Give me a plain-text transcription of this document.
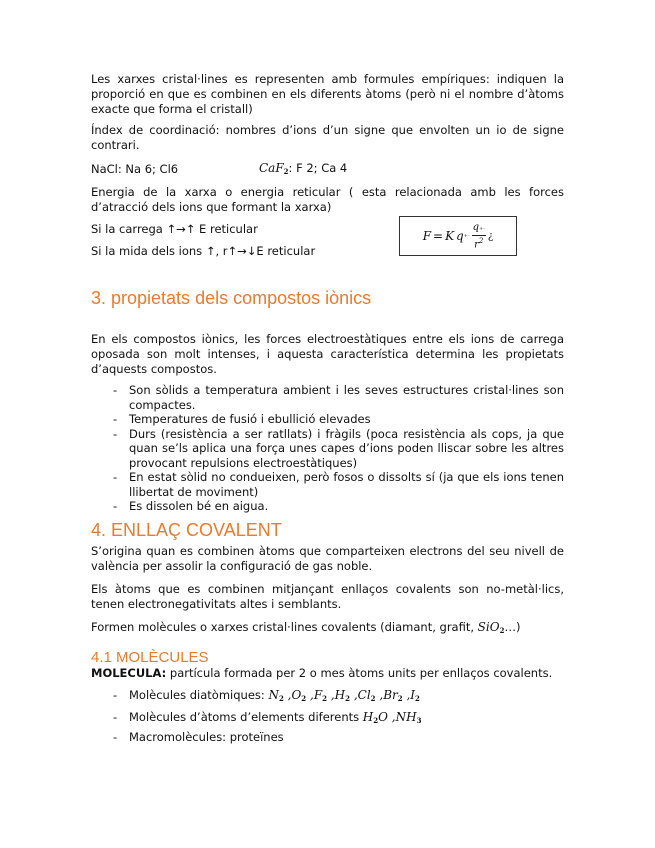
Les xarxes cristal·lines es representen amb formules empíriques: indiquen la proporció en que es combinen en els diferents àtoms (però ni el nombre d’àtoms exacte que forma el cristall)

Índex de coordinació: nombres d’ions d’un signe que envolten un io de signe contrari.

NaCl: Na 6; Cl6	CaF$_2$: F 2; Ca 4

Energia de la xarxa o energia reticular ( esta relacionada amb les forces d’atracció dels ions que formant la xarxa)

Si la carrega ↑→↑ E reticular

Si la mida dels ions ↑, r↑→↓E reticular

F = K $q +- \frac{q+-}{r^2}$ ¿
3. propietats dels compostos iònics

En els compostos iònics, les forces electroestàtiques entre els ions de carrega oposada son molt intenses, i aquesta característica determina les propietats d’aquests compostos.

- Son sòlids a temperatura ambient i les seves estructures cristal·lines son compactes.
- Temperatures de fusió i ebullició elevades
- Durs (resistència a ser ratllats) i fràgils (poca resistència als cops, ja que quan se’ls aplica una força unes capes d’ions poden lliscar sobre les altres provocant repulsions electroestàtiques)
- En estat sòlid no condueixen, però fosos o dissolts sí (ja que els ions tenen llibertat de moviment)
- Es dissolen bé en aigua.
4. ENLLAÇ COVALENT

S’origina quan es combinen àtoms que comparteixen electrons del seu nivell de valència per assolir la configuració de gas noble.

Els àtoms que es combinen mitjançant enllaços covalents son no-metàl·lics, tenen electronegativitats altes i semblants.

Formen molècules o xarxes cristal·lines covalents (diamant, grafit, SiO$_2$…)

4.1 MOLÈCULES

MOLECULA: partícula formada per 2 o mes àtoms units per enllaços covalents.

- Molècules diatòmiques: $N_2$ $,O_2$ $,F_2$ $,H_2$ $,Cl_2$ $,Br_2$ $,I_2$
- Molècules d’àtoms d’elements diferents $H_2O$ $,NH_3$
- Macromolècules: proteïnes
